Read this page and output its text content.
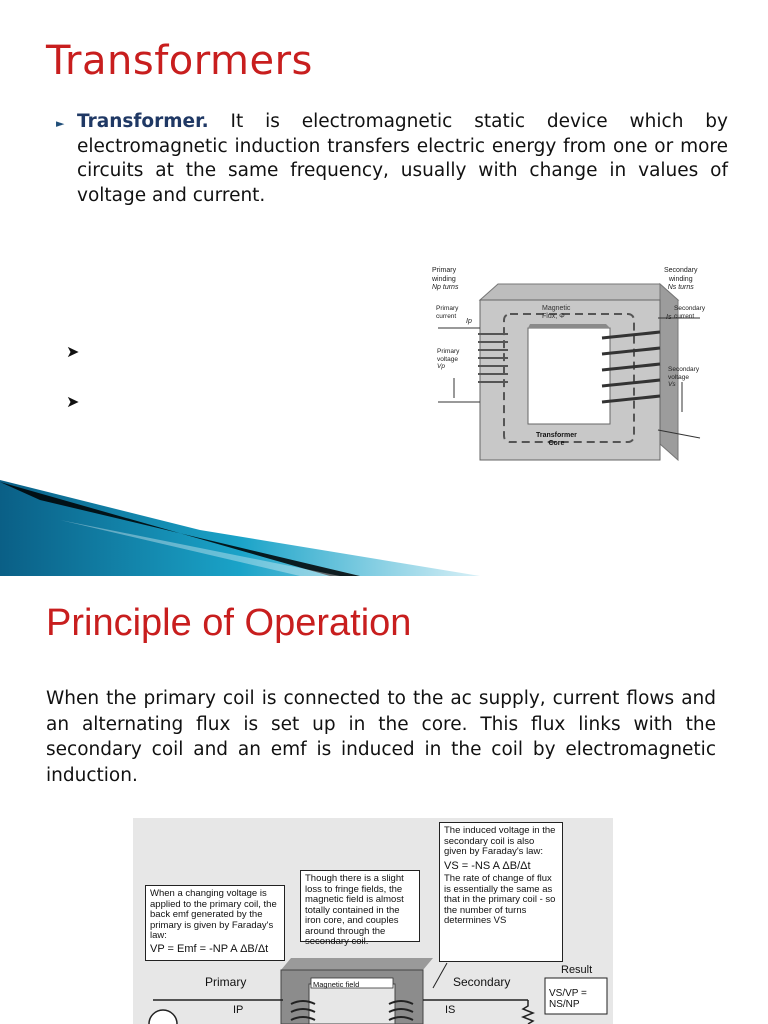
Transformers
► Transformer. It is electromagnetic static device which by electromagnetic induction transfers electric energy from one or more circuits at the same frequency, usually with change in values of voltage and current.
➤
➤
Primary
winding
Np turns
Secondary
winding
Ns turns
Primary
current
Ip
Primary
voltage
Vp
Secondary
current
Is
Secondary
voltage
Vs
Magnetic
Flux, Φ
Transformer
Core
Principle of Operation
When the primary coil is connected to the ac supply, current flows and an alternating flux is set up in the core. This flux links with the secondary coil and an emf is induced in the coil by electromagnetic induction.
When a changing voltage is applied to the primary coil, the back emf generated by the primary is given by Faraday's law:
VP = Emf = -NP A ΔB/Δt
Though there is a slight loss to fringe fields, the magnetic field is almost totally contained in the iron core, and couples around through the secondary coil.
The induced voltage in the secondary coil is also given by Faraday's law:
VS = -NS A ΔB/Δt
The rate of change of flux is essentially the same as that in the primary coil - so the number of turns determines VS
Magnetic field
Primary	Secondary
Result
VS/VP = NS/NP
IP	IS
